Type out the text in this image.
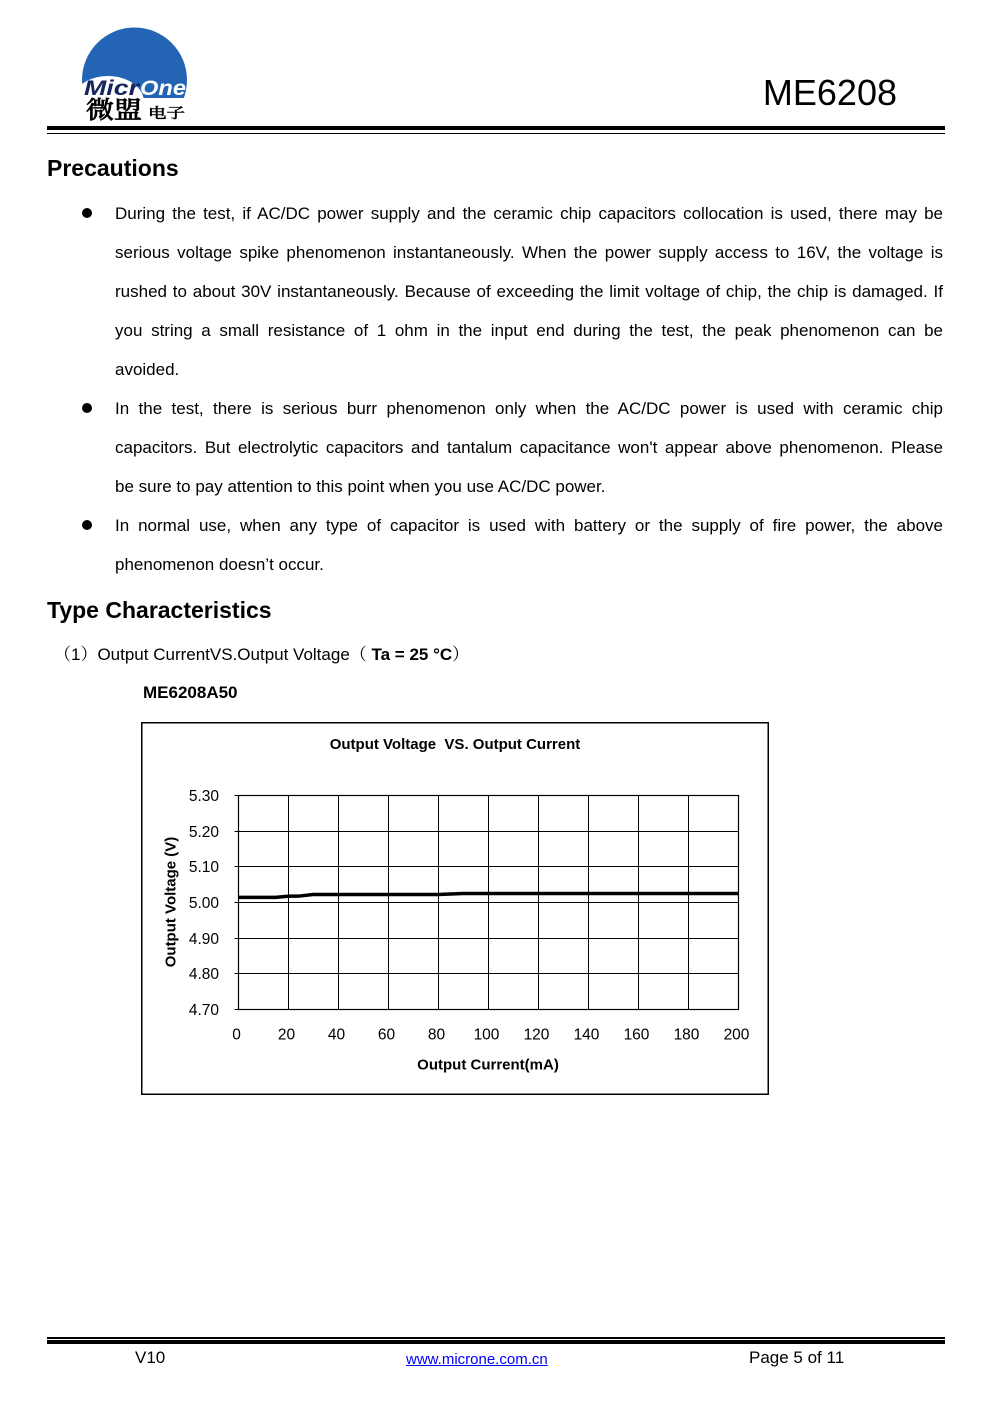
Micr
One
微盟 电子
ME6208
Precautions
During the test, if AC/DC power supply and the ceramic chip capacitors collocation is used, there may be
serious voltage spike phenomenon instantaneously. When the power supply access to 16V, the voltage is
rushed to about 30V instantaneously. Because of exceeding the limit voltage of chip, the chip is damaged. If
you string a small resistance of 1 ohm in the input end during the test, the peak phenomenon can be
avoided.
In the test, there is serious burr phenomenon only when the AC/DC power is used with ceramic chip
capacitors. But electrolytic capacitors and tantalum capacitance won't appear above phenomenon. Please
be sure to pay attention to this point when you use AC/DC power.
In normal use, when any type of capacitor is used with battery or the supply of fire power, the above
phenomenon doesn’t occur.
Type Characteristics
（1）Output CurrentVS.Output Voltage（ Ta = 25 °C）
ME6208A50
Output Voltage  VS. Output Current
5.30
5.20
5.10
5.00
4.90
4.80
4.70
0 20 40 60 80 100 120 140 160 180 200
Output Voltage (V)
Output Current(mA)
V10	www.microne.com.cn	Page 5 of 11
